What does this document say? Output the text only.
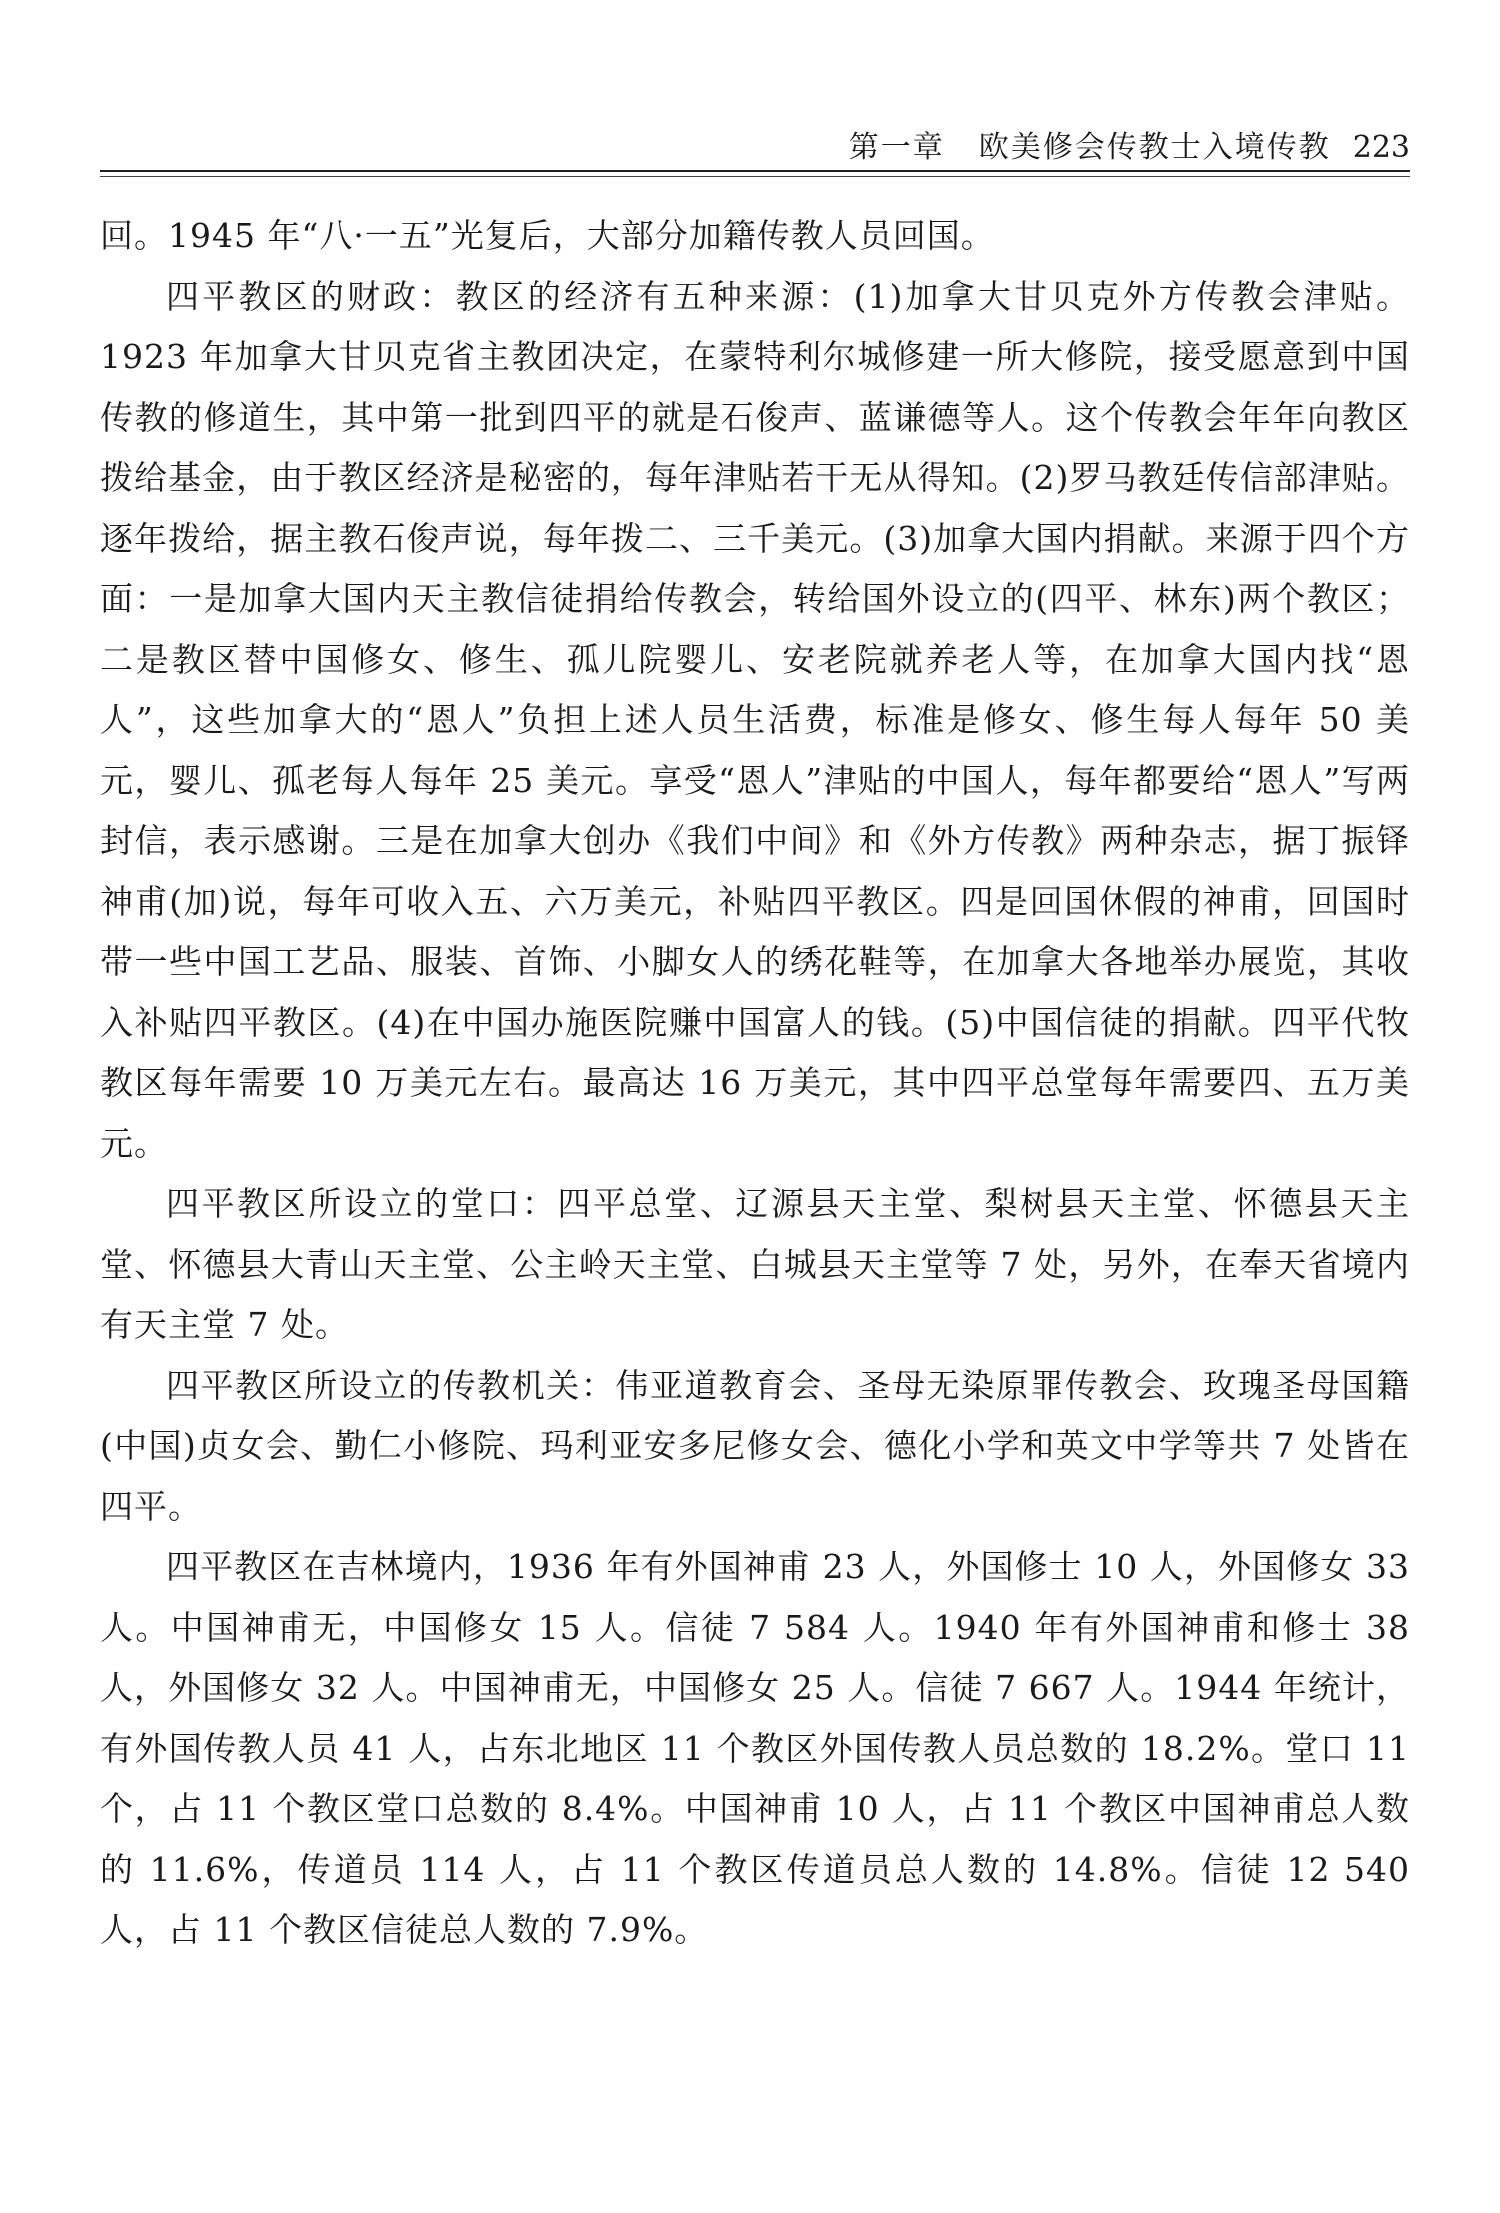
第一章 欧美修会传教士入境传教 223

回。1945 年“八·一五”光复后，大部分加籍传教人员回国。

四平教区的财政：教区的经济有五种来源：(1)加拿大甘贝克外方传教会津贴。1923 年加拿大甘贝克省主教团决定，在蒙特利尔城修建一所大修院，接受愿意到中国传教的修道生，其中第一批到四平的就是石俊声、蓝谦德等人。这个传教会年年向教区拨给基金，由于教区经济是秘密的，每年津贴若干无从得知。(2)罗马教廷传信部津贴。逐年拨给，据主教石俊声说，每年拨二、三千美元。(3)加拿大国内捐献。来源于四个方面：一是加拿大国内天主教信徒捐给传教会，转给国外设立的(四平、林东)两个教区；二是教区替中国修女、修生、孤儿院婴儿、安老院就养老人等，在加拿大国内找“恩人”，这些加拿大的“恩人”负担上述人员生活费，标准是修女、修生每人每年 50 美元，婴儿、孤老每人每年 25 美元。享受“恩人”津贴的中国人，每年都要给“恩人”写两封信，表示感谢。三是在加拿大创办《我们中间》和《外方传教》两种杂志，据丁振铎神甫(加)说，每年可收入五、六万美元，补贴四平教区。四是回国休假的神甫，回国时带一些中国工艺品、服装、首饰、小脚女人的绣花鞋等，在加拿大各地举办展览，其收入补贴四平教区。(4)在中国办施医院赚中国富人的钱。(5)中国信徒的捐献。四平代牧教区每年需要 10 万美元左右。最高达 16 万美元，其中四平总堂每年需要四、五万美元。

四平教区所设立的堂口：四平总堂、辽源县天主堂、梨树县天主堂、怀德县天主堂、怀德县大青山天主堂、公主岭天主堂、白城县天主堂等 7 处，另外，在奉天省境内有天主堂 7 处。

四平教区所设立的传教机关：伟亚道教育会、圣母无染原罪传教会、玫瑰圣母国籍(中国)贞女会、勤仁小修院、玛利亚安多尼修女会、德化小学和英文中学等共 7 处皆在四平。

四平教区在吉林境内，1936 年有外国神甫 23 人，外国修士 10 人，外国修女 33 人。中国神甫无，中国修女 15 人。信徒 7 584 人。1940 年有外国神甫和修士 38 人，外国修女 32 人。中国神甫无，中国修女 25 人。信徒 7 667 人。1944 年统计，有外国传教人员 41 人，占东北地区 11 个教区外国传教人员总数的 18.2%。堂口 11 个，占 11 个教区堂口总数的 8.4%。中国神甫 10 人，占 11 个教区中国神甫总人数的 11.6%，传道员 114 人，占 11 个教区传道员总人数的 14.8%。信徒 12 540 人，占 11 个教区信徒总人数的 7.9%。
